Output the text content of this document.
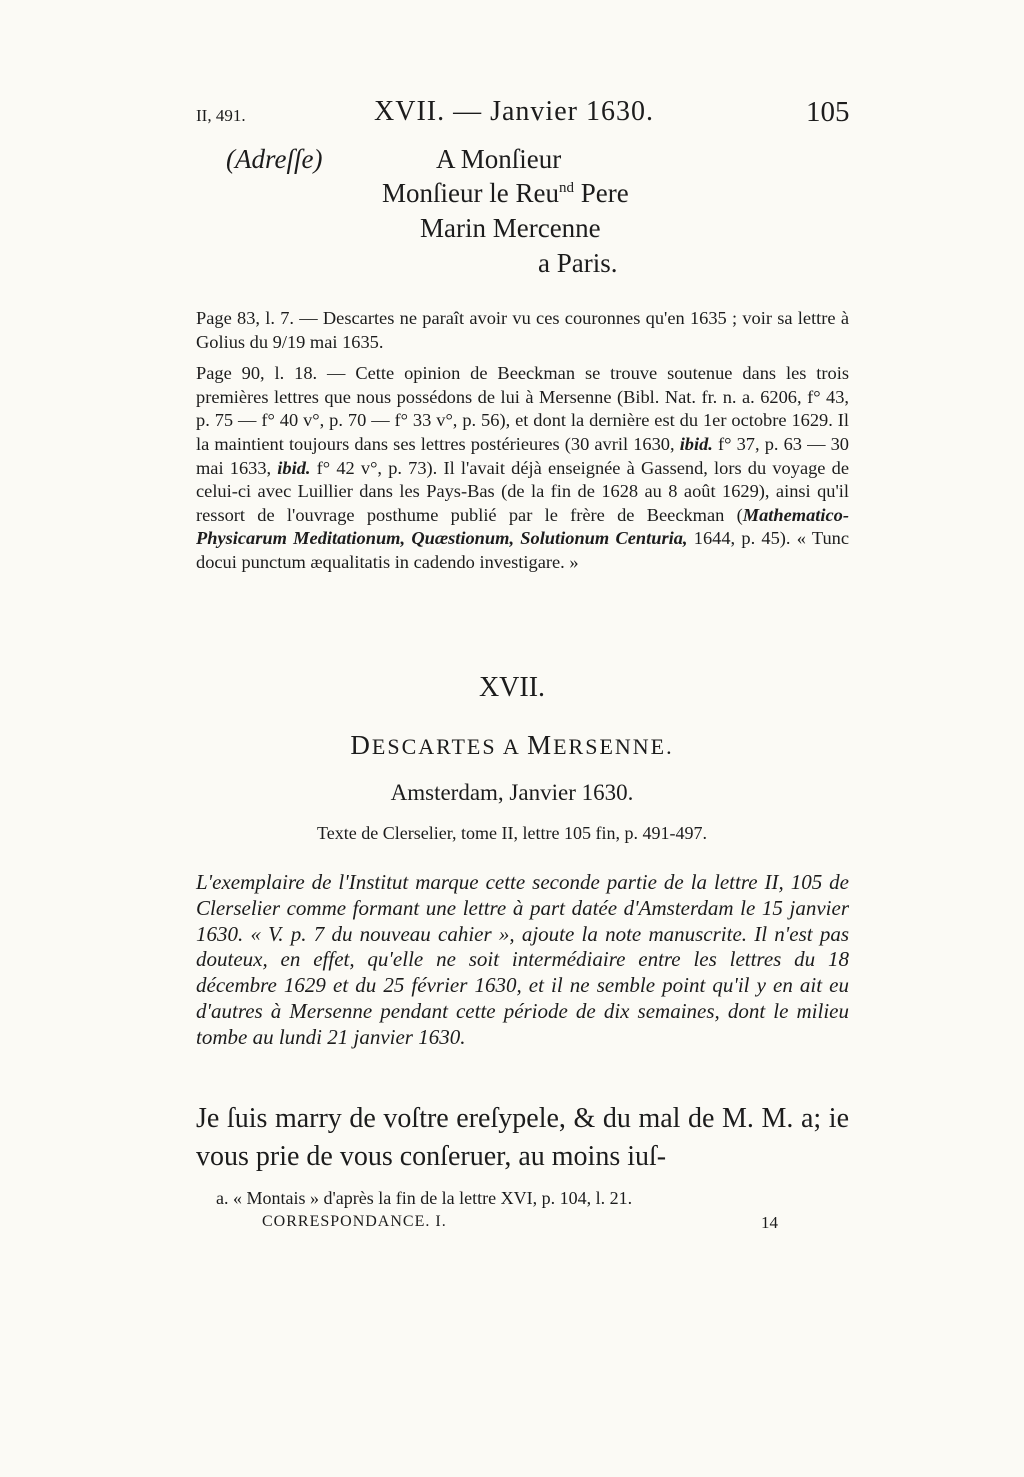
II, 491.	XVII. — Janvier 1630.	105
(Adreſſe)	A Monſieur
Monſieur le Reu$^{nd}$ Pere
Marin Mercenne
a Paris.

Page 83, l. 7. — Descartes ne paraît avoir vu ces couronnes qu'en 1635 ; voir sa lettre à Golius du 9/19 mai 1635.

Page 90, l. 18. — Cette opinion de Beeckman se trouve soutenue dans les trois premières lettres que nous possédons de lui à Mersenne (Bibl. Nat. fr. n. a. 6206, f° 43, p. 75 — f° 40 v°, p. 70 — f° 33 v°, p. 56), et dont la dernière est du 1er octobre 1629. Il la maintient toujours dans ses lettres postérieures (30 avril 1630, ibid. f° 37, p. 63 — 30 mai 1633, ibid. f° 42 v°, p. 73). Il l'avait déjà enseignée à Gassend, lors du voyage de celui-ci avec Luillier dans les Pays-Bas (de la fin de 1628 au 8 août 1629), ainsi qu'il ressort de l'ouvrage posthume publié par le frère de Beeckman (Mathematico-Physicarum Meditationum, Quæstionum, Solutionum Centuria, 1644, p. 45). « Tunc docui punctum æqualitatis in cadendo investigare. »

XVII.
DESCARTES A MERSENNE.
Amsterdam, Janvier 1630.
Texte de Clerselier, tome II, lettre 105 fin, p. 491-497.

L'exemplaire de l'Institut marque cette seconde partie de la lettre II, 105 de Clerselier comme formant une lettre à part datée d'Amsterdam le 15 janvier 1630. « V. p. 7 du nouveau cahier », ajoute la note manuscrite. Il n'est pas douteux, en effet, qu'elle ne soit intermédiaire entre les lettres du 18 décembre 1629 et du 25 février 1630, et il ne semble point qu'il y en ait eu d'autres à Mersenne pendant cette période de dix semaines, dont le milieu tombe au lundi 21 janvier 1630.

Je ſuis marry de voſtre ereſypele, & du mal de M. M. a; ie vous prie de vous conſeruer, au moins iuſ-

a. « Montais » d'après la fin de la lettre XVI, p. 104, l. 21.
CORRESPONDANCE. I.	14
